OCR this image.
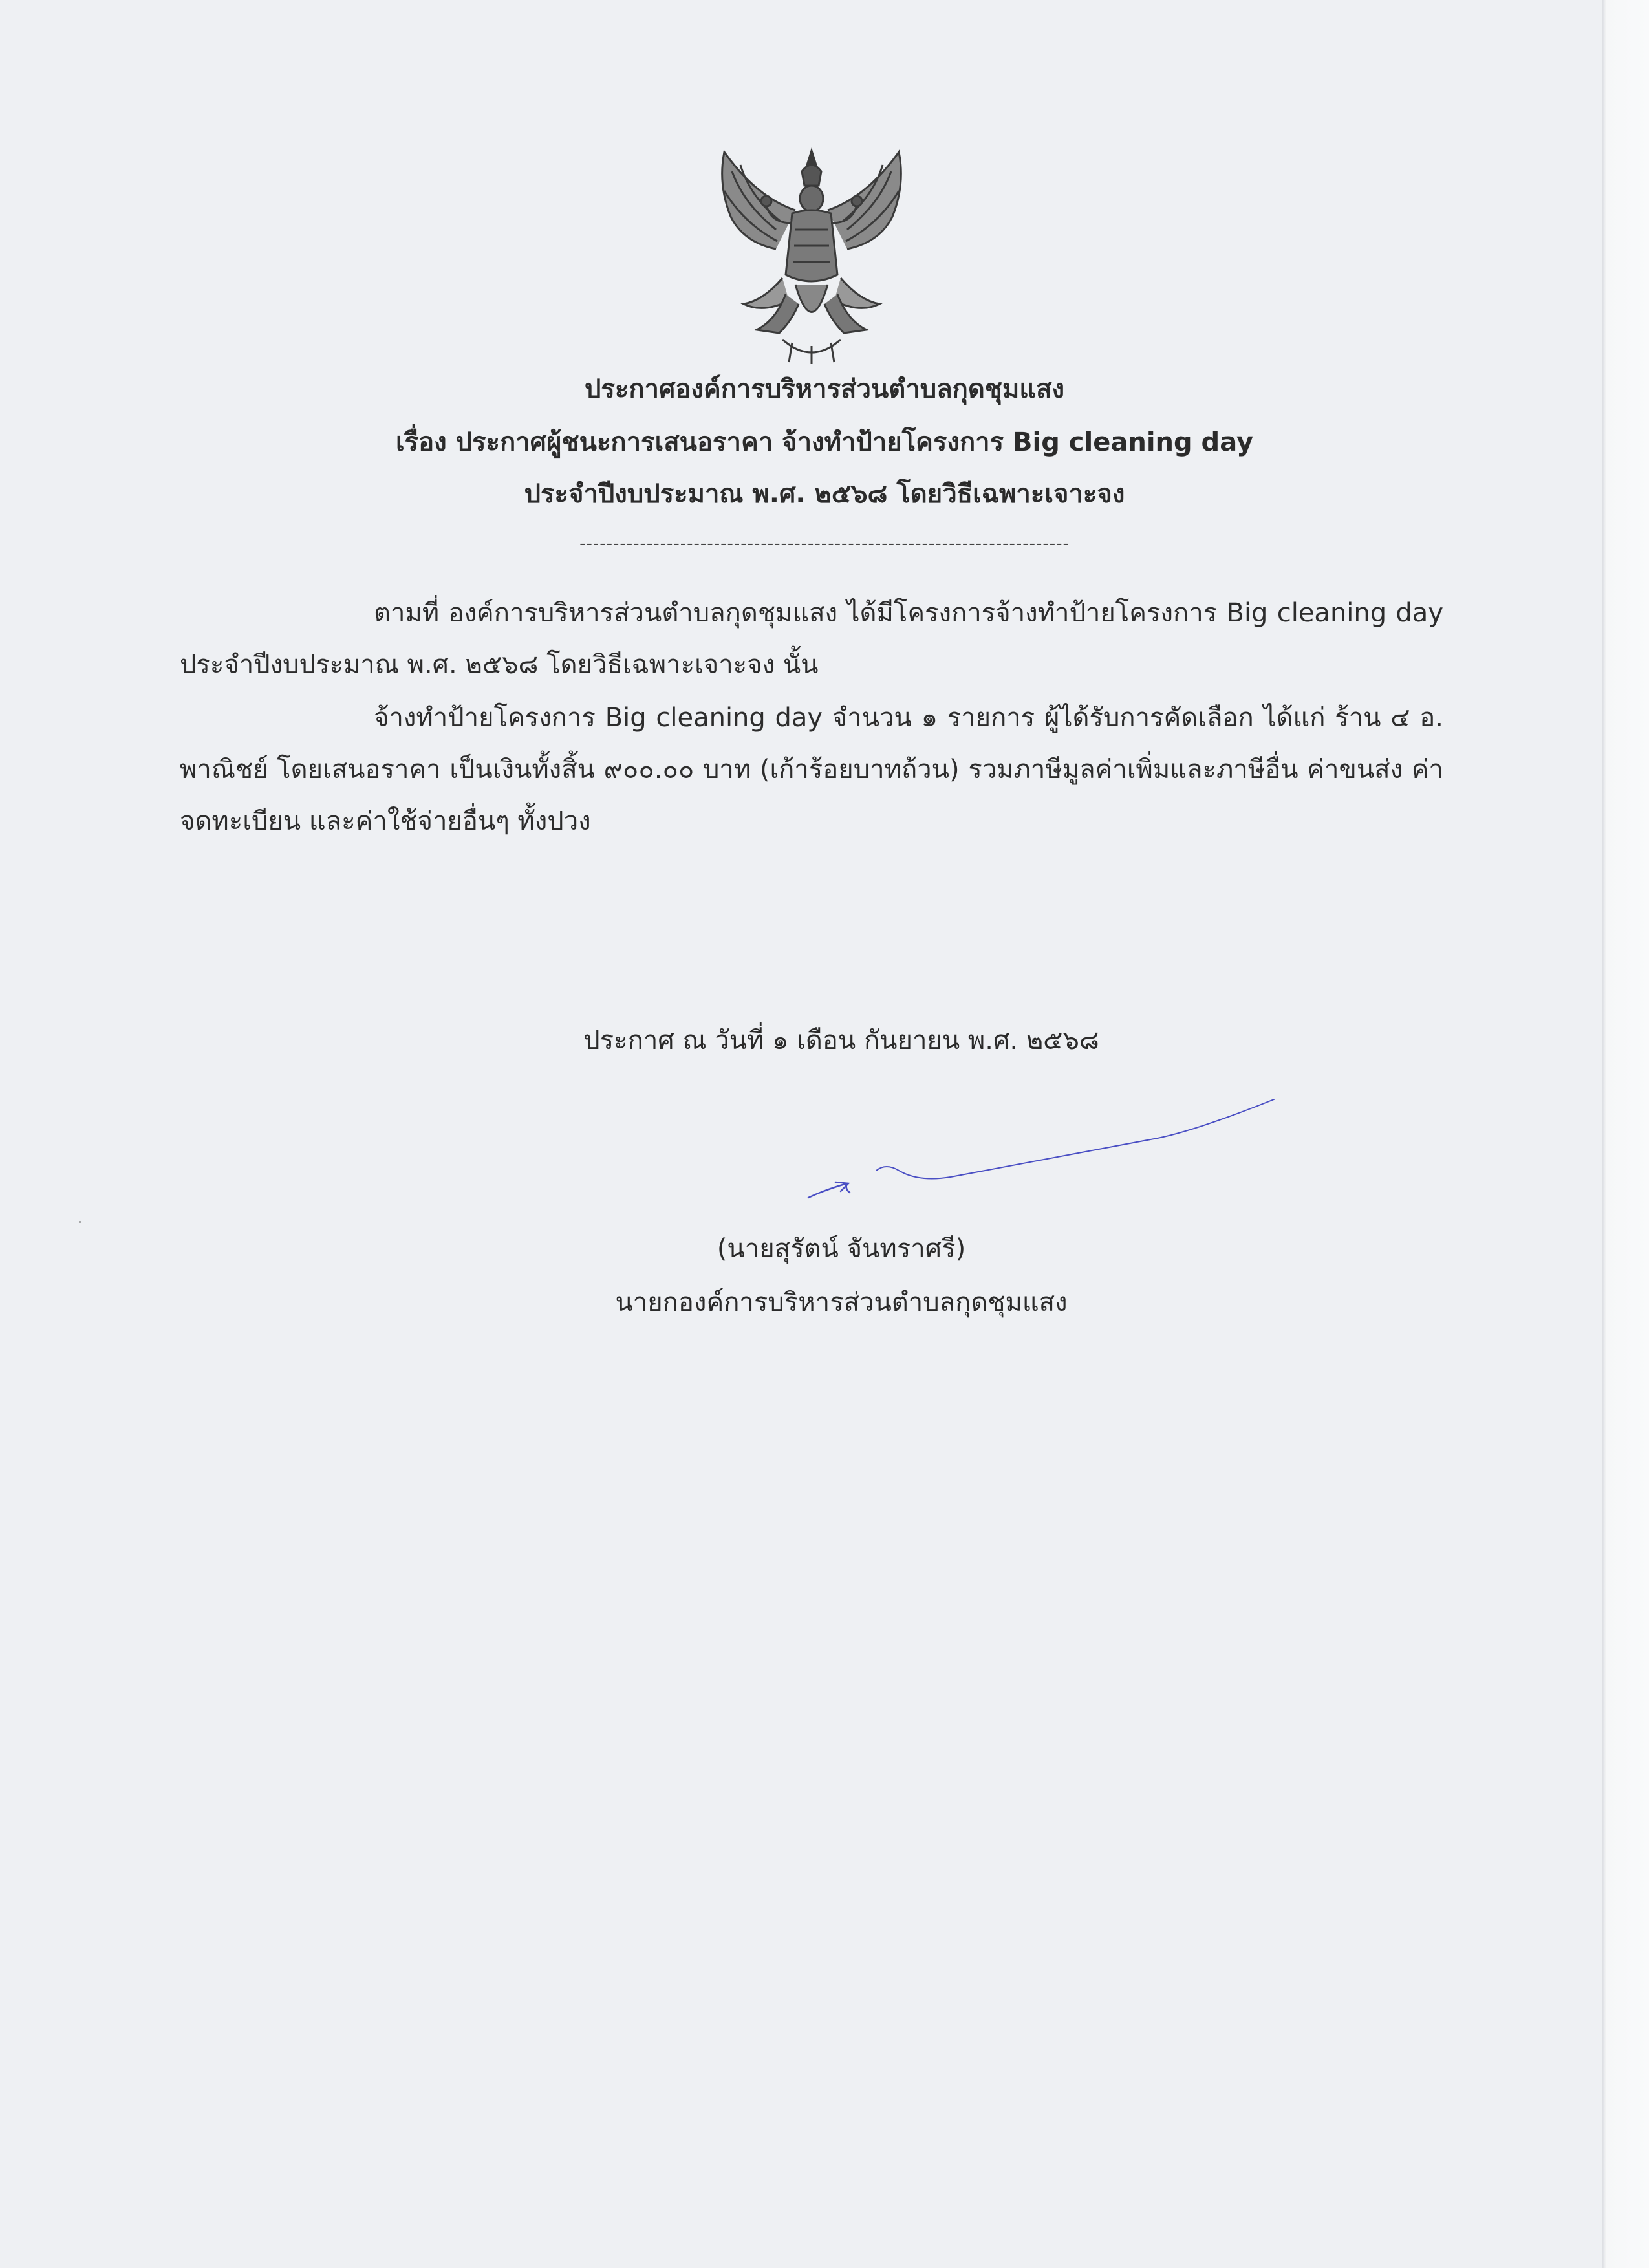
ประกาศองค์การบริหารส่วนตำบลกุดชุมแสง
เรื่อง ประกาศผู้ชนะการเสนอราคา จ้างทำป้ายโครงการ Big cleaning day
ประจำปีงบประมาณ พ.ศ. ๒๕๖๘ โดยวิธีเฉพาะเจาะจง
-------------------------------------------------------------------------
ตามที่ องค์การบริหารส่วนตำบลกุดชุมแสง ได้มีโครงการจ้างทำป้ายโครงการ Big cleaning day ประจำปีงบประมาณ พ.ศ. ๒๕๖๘ โดยวิธีเฉพาะเจาะจง นั้น
จ้างทำป้ายโครงการ Big cleaning day จำนวน ๑ รายการ ผู้ได้รับการคัดเลือก ได้แก่ ร้าน ๔ อ. พาณิชย์ โดยเสนอราคา เป็นเงินทั้งสิ้น ๙๐๐.๐๐ บาท (เก้าร้อยบาทถ้วน) รวมภาษีมูลค่าเพิ่มและภาษีอื่น ค่าขนส่ง ค่าจดทะเบียน และค่าใช้จ่ายอื่นๆ ทั้งปวง
ประกาศ ณ วันที่ ๑ เดือน กันยายน พ.ศ. ๒๕๖๘
(นายสุรัตน์ จันทราศรี)
นายกองค์การบริหารส่วนตำบลกุดชุมแสง
